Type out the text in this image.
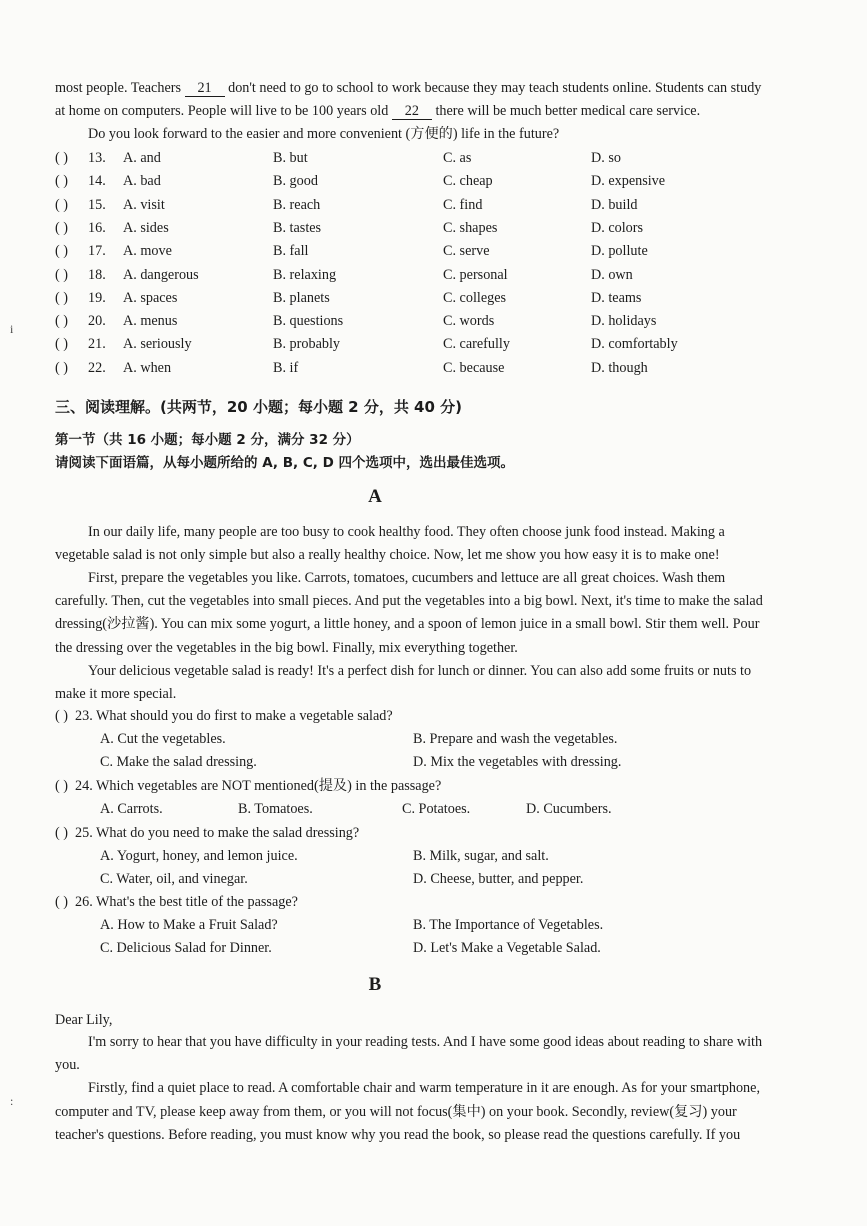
most people. Teachers 21 don't need to go to school to work because they may teach students online. Students can study
at home on computers. People will live to be 100 years old 22 there will be much better medical care service.
Do you look forward to the easier and more convenient (方便的) life in the future?
( ) 13. A. and	B. but	C. as	D. so
( ) 14. A. bad	B. good	C. cheap	D. expensive
( ) 15. A. visit	B. reach	C. find	D. build
( ) 16. A. sides	B. tastes	C. shapes	D. colors
( ) 17. A. move	B. fall	C. serve	D. pollute
( ) 18. A. dangerous	B. relaxing	C. personal	D. own
( ) 19. A. spaces	B. planets	C. colleges	D. teams
( ) 20. A. menus	B. questions	C. words	D. holidays
( ) 21. A. seriously	B. probably	C. carefully	D. comfortably
( ) 22. A. when	B. if	C. because	D. though
三、阅读理解。(共两节，20 小题；每小题 2 分，共 40 分)
第一节（共 16 小题；每小题 2 分，满分 32 分）
请阅读下面语篇，从每小题所给的 A, B, C, D 四个选项中，选出最佳选项。
A
In our daily life, many people are too busy to cook healthy food. They often choose junk food instead. Making a
vegetable salad is not only simple but also a really healthy choice. Now, let me show you how easy it is to make one!
First, prepare the vegetables you like. Carrots, tomatoes, cucumbers and lettuce are all great choices. Wash them
carefully. Then, cut the vegetables into small pieces. And put the vegetables into a big bowl. Next, it's time to make the salad
dressing(沙拉酱). You can mix some yogurt, a little honey, and a spoon of lemon juice in a small bowl. Stir them well. Pour
the dressing over the vegetables in the big bowl. Finally, mix everything together.
Your delicious vegetable salad is ready! It's a perfect dish for lunch or dinner. You can also add some fruits or nuts to
make it more special.
( ) 23. What should you do first to make a vegetable salad?
A. Cut the vegetables.	B. Prepare and wash the vegetables.
C. Make the salad dressing.	D. Mix the vegetables with dressing.
( ) 24. Which vegetables are NOT mentioned(提及) in the passage?
A. Carrots.	B. Tomatoes.	C. Potatoes.	D. Cucumbers.
( ) 25. What do you need to make the salad dressing?
A. Yogurt, honey, and lemon juice.	B. Milk, sugar, and salt.
C. Water, oil, and vinegar.	D. Cheese, butter, and pepper.
( ) 26. What's the best title of the passage?
A. How to Make a Fruit Salad?	B. The Importance of Vegetables.
C. Delicious Salad for Dinner.	D. Let's Make a Vegetable Salad.
B
Dear Lily,
I'm sorry to hear that you have difficulty in your reading tests. And I have some good ideas about reading to share with
you.
Firstly, find a quiet place to read. A comfortable chair and warm temperature in it are enough. As for your smartphone,
computer and TV, please keep away from them, or you will not focus(集中) on your book. Secondly, review(复习) your
teacher's questions. Before reading, you must know why you read the book, so please read the questions carefully. If you
i
:
